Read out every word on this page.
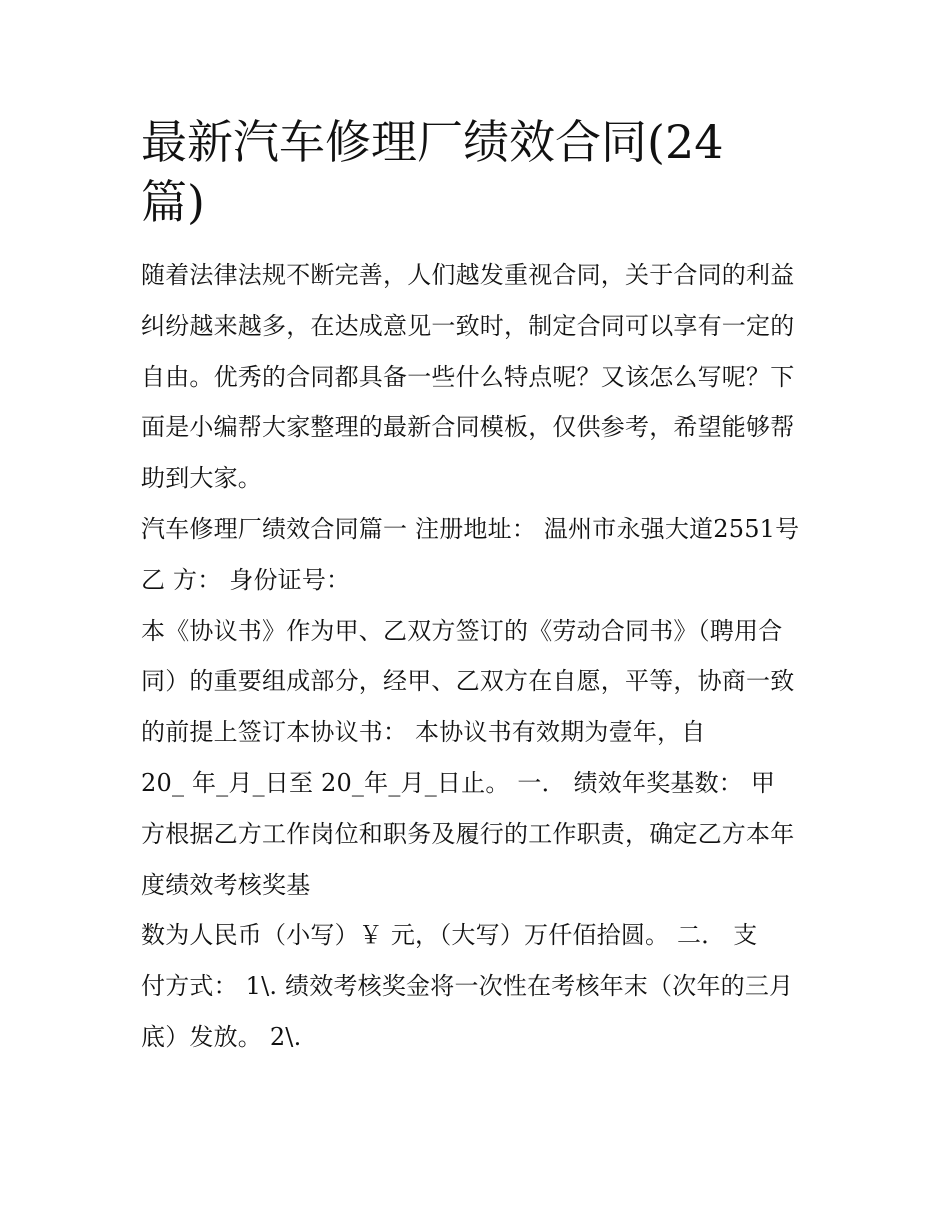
最新汽车修理厂绩效合同(24
篇)
随着法律法规不断完善，人们越发重视合同，关于合同的利益
纠纷越来越多，在达成意见一致时，制定合同可以享有一定的
自由。优秀的合同都具备一些什么特点呢？又该怎么写呢？下
面是小编帮大家整理的最新合同模板，仅供参考，希望能够帮
助到大家。
汽车修理厂绩效合同篇一 注册地址： 温州市永强大道2551号
乙 方： 身份证号：
本《协议书》作为甲、乙双方签订的《劳动合同书》（聘用合
同）的重要组成部分，经甲、乙双方在自愿，平等，协商一致
的前提上签订本协议书： 本协议书有效期为壹年，自
20_ 年_月_日至 20_年_月_日止。 一． 绩效年奖基数： 甲
方根据乙方工作岗位和职务及履行的工作职责，确定乙方本年
度绩效考核奖基
数为人民币（小写）￥ 元，（大写）万仟佰拾圆。 二． 支
付方式： 1\. 绩效考核奖金将一次性在考核年末（次年的三月
底）发放。 2\.
